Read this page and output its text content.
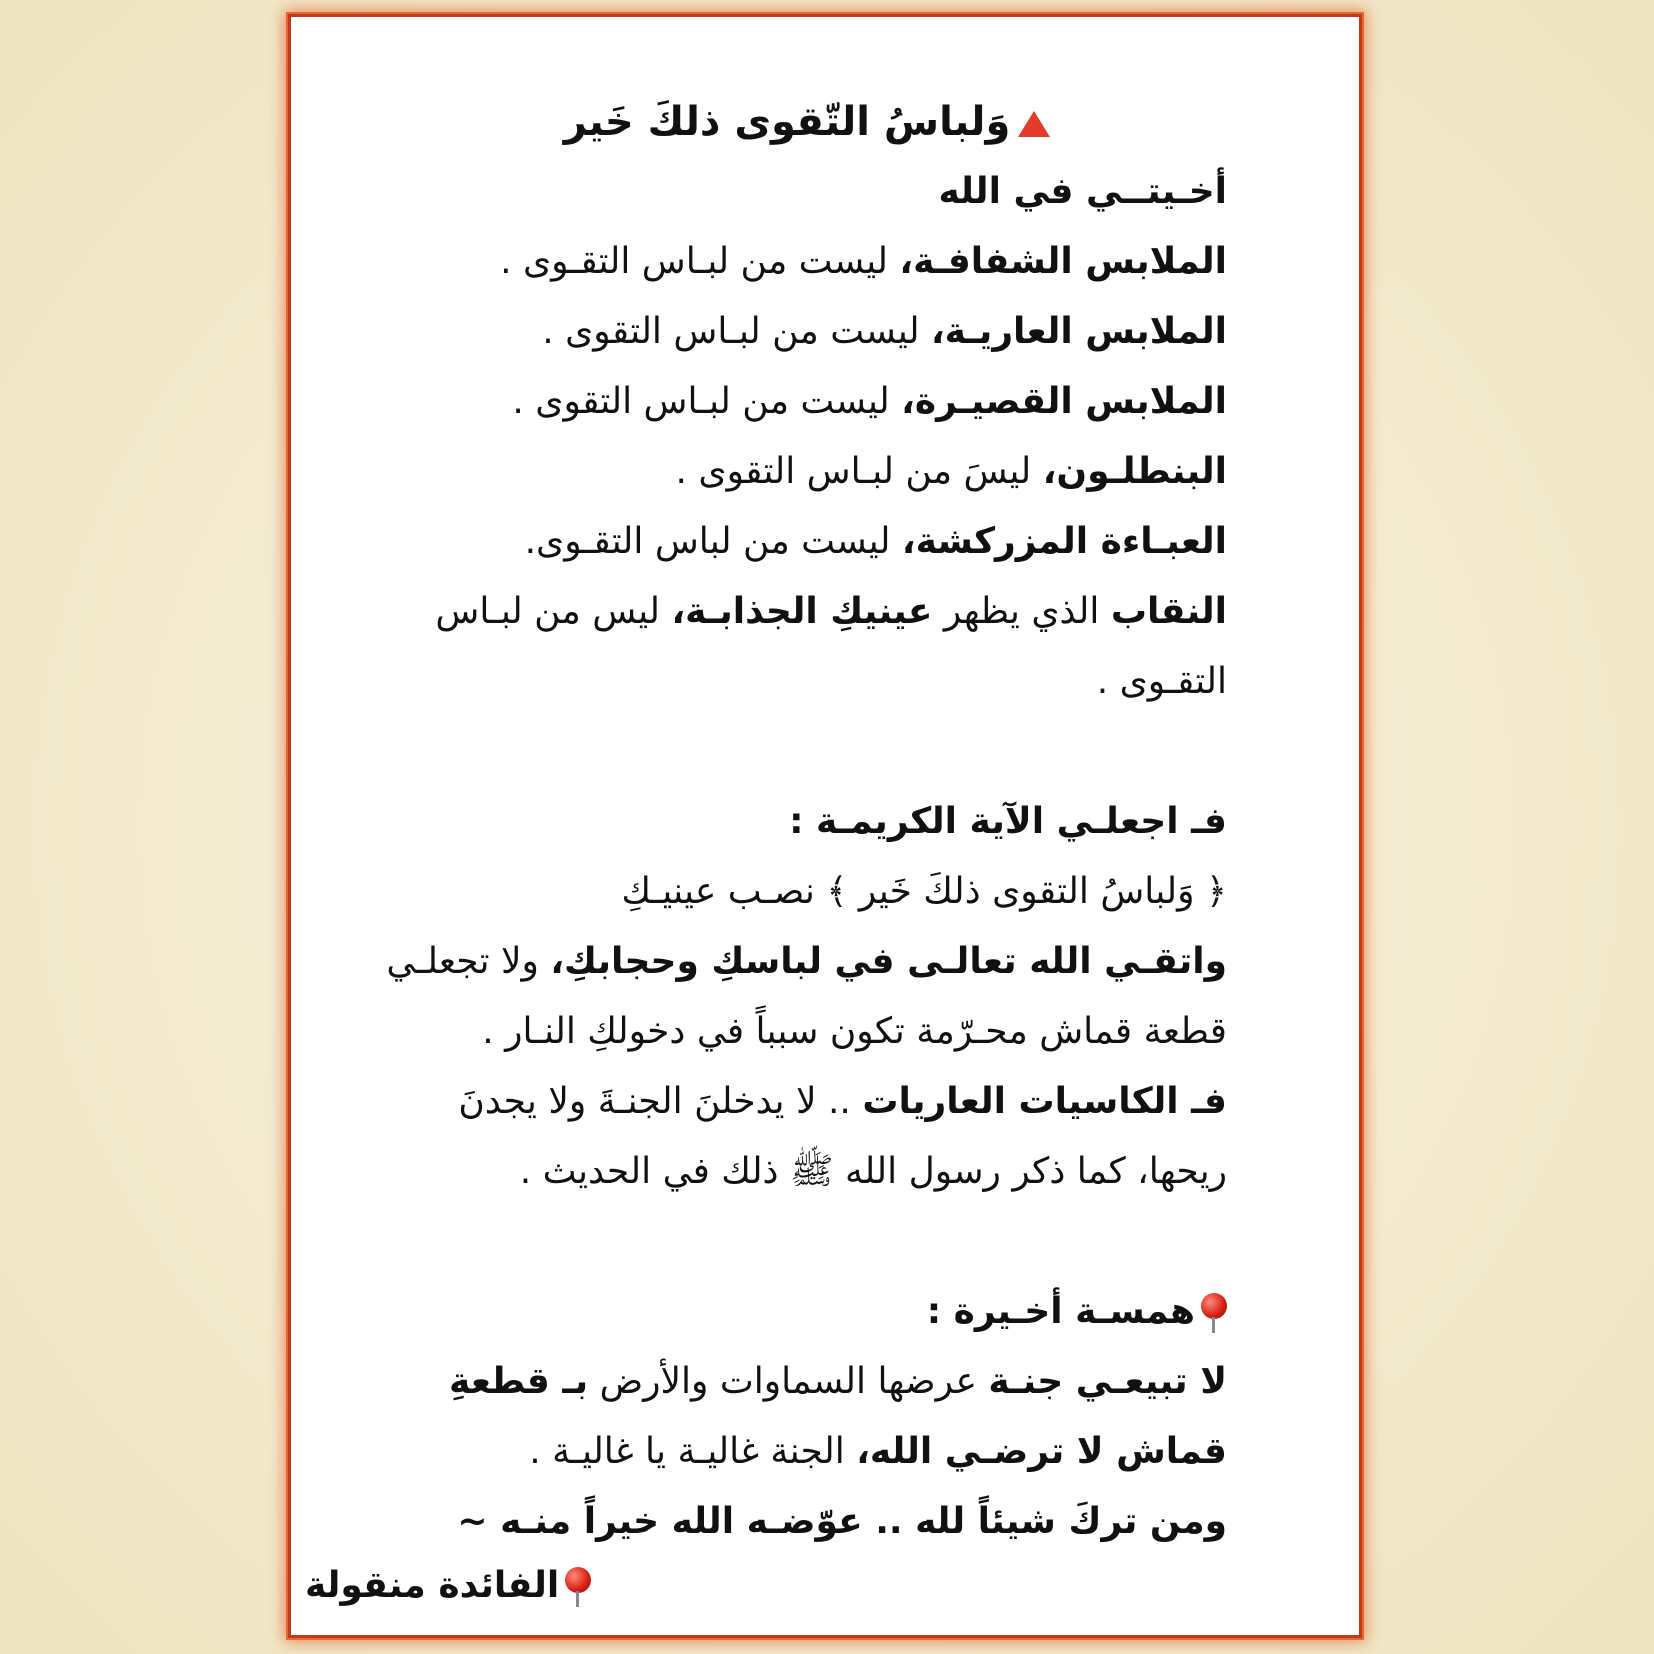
وَلباسُ التّقوى ذلكَ خَير
أخـيتــي في الله
الملابس الشفافـة، ليست من لبـاس التقـوى .
الملابس العاريـة، ليست من لبـاس التقوى .
الملابس القصيـرة، ليست من لبـاس التقوى .
البنطلـون، ليسَ من لبـاس التقوى .
العبـاءة المزركشة، ليست من لباس التقـوى.
النقاب الذي يظهر عينيكِ الجذابـة، ليس من لبـاس التقـوى .
فـ اجعلـي الآية الكريمـة :
﴿ وَلباسُ التقوى ذلكَ خَير ﴾ نصـب عينيـكِ
واتقـي الله تعالـى في لباسكِ وحجابكِ، ولا تجعلـي
قطعة قماش محـرّمة تكون سبباً في دخولكِ النـار .
فـ الكاسيات العاريات .. لا يدخلنَ الجنـةَ ولا يجدنَ
ريحها، كما ذكر رسول الله ﷺ ذلك في الحديث .
همسـة أخـيرة :
لا تبيعـي جنـة عرضها السماوات والأرض بـ قطعةِ
قماش لا ترضـي الله، الجنة غاليـة يا غاليـة .
ومن تركَ شيئاً لله .. عوّضـه الله خيراً منـه ~
الفائدة منقولة
